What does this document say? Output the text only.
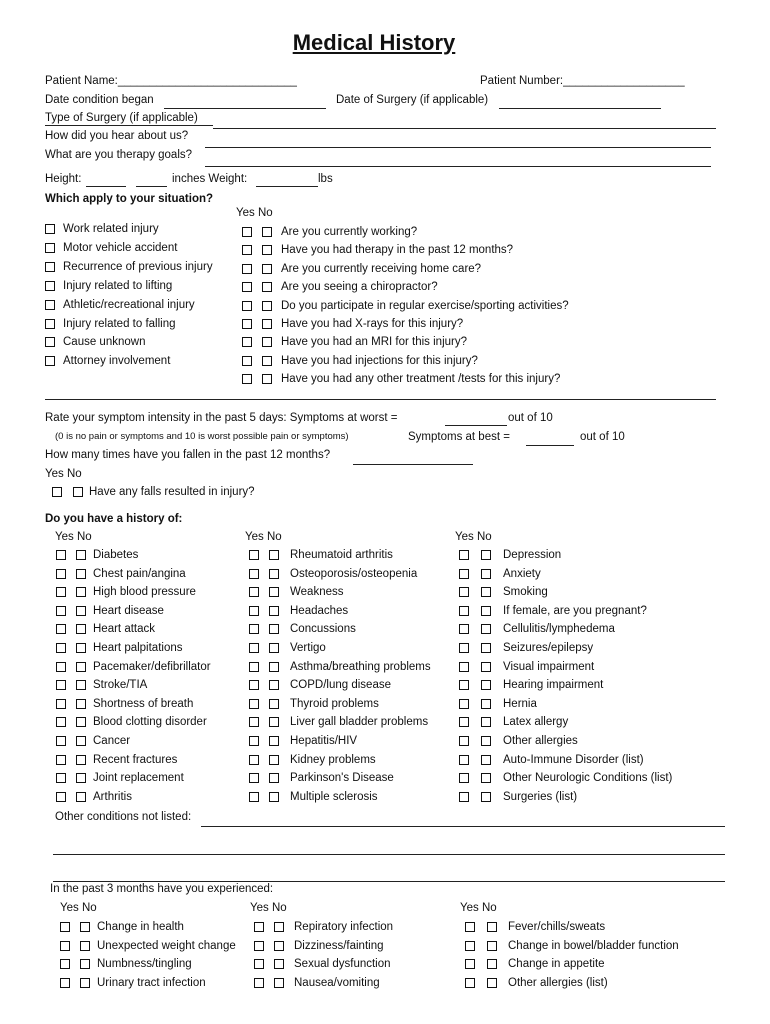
Medical History
Patient Name:____________________________	Patient Number:___________________
Date condition began	Date of Surgery (if applicable)
Type of Surgery (if applicable)
How did you hear about us?
What are you therapy goals?
Height:	inches Weight:	lbs
Which apply to your situation?
Yes No
Work related injury
Motor vehicle accident
Recurrence of previous injury
Injury related to lifting
Athletic/recreational injury
Injury related to falling
Cause unknown
Attorney involvement
Are you currently working?
Have you had therapy in the past 12 months?
Are you currently receiving home care?
Are you seeing a chiropractor?
Do you participate in regular exercise/sporting activities?
Have you had X-rays for this injury?
Have you had an MRI for this injury?
Have you had injections for this injury?
Have you had any other treatment /tests for this injury?
Rate your symptom intensity in the past 5 days: Symptoms at worst =	out of 10
(0 is no pain or symptoms and 10 is worst possible pain or symptoms)	Symptoms at best =	out of 10
How many times have you fallen in the past 12 months?
Yes No
Have any falls resulted in injury?
Do you have a history of:
Yes No	Yes No	Yes No
Diabetes
Chest pain/angina
High blood pressure
Heart disease
Heart attack
Heart palpitations
Pacemaker/defibrillator
Stroke/TIA
Shortness of breath
Blood clotting disorder
Cancer
Recent fractures
Joint replacement
Arthritis
Rheumatoid arthritis
Osteoporosis/osteopenia
Weakness
Headaches
Concussions
Vertigo
Asthma/breathing problems
COPD/lung disease
Thyroid problems
Liver gall bladder problems
Hepatitis/HIV
Kidney problems
Parkinson's Disease
Multiple sclerosis
Depression
Anxiety
Smoking
If female, are you pregnant?
Cellulitis/lymphedema
Seizures/epilepsy
Visual impairment
Hearing impairment
Hernia
Latex allergy
Other allergies
Auto-Immune Disorder (list)
Other Neurologic Conditions (list)
Surgeries (list)
Other conditions not listed:
In the past 3 months have you experienced:
Yes No	Yes No	Yes No
Change in health
Unexpected weight change
Numbness/tingling
Urinary tract infection
Repiratory infection
Dizziness/fainting
Sexual dysfunction
Nausea/vomiting
Fever/chills/sweats
Change in bowel/bladder function
Change in appetite
Other allergies (list)
